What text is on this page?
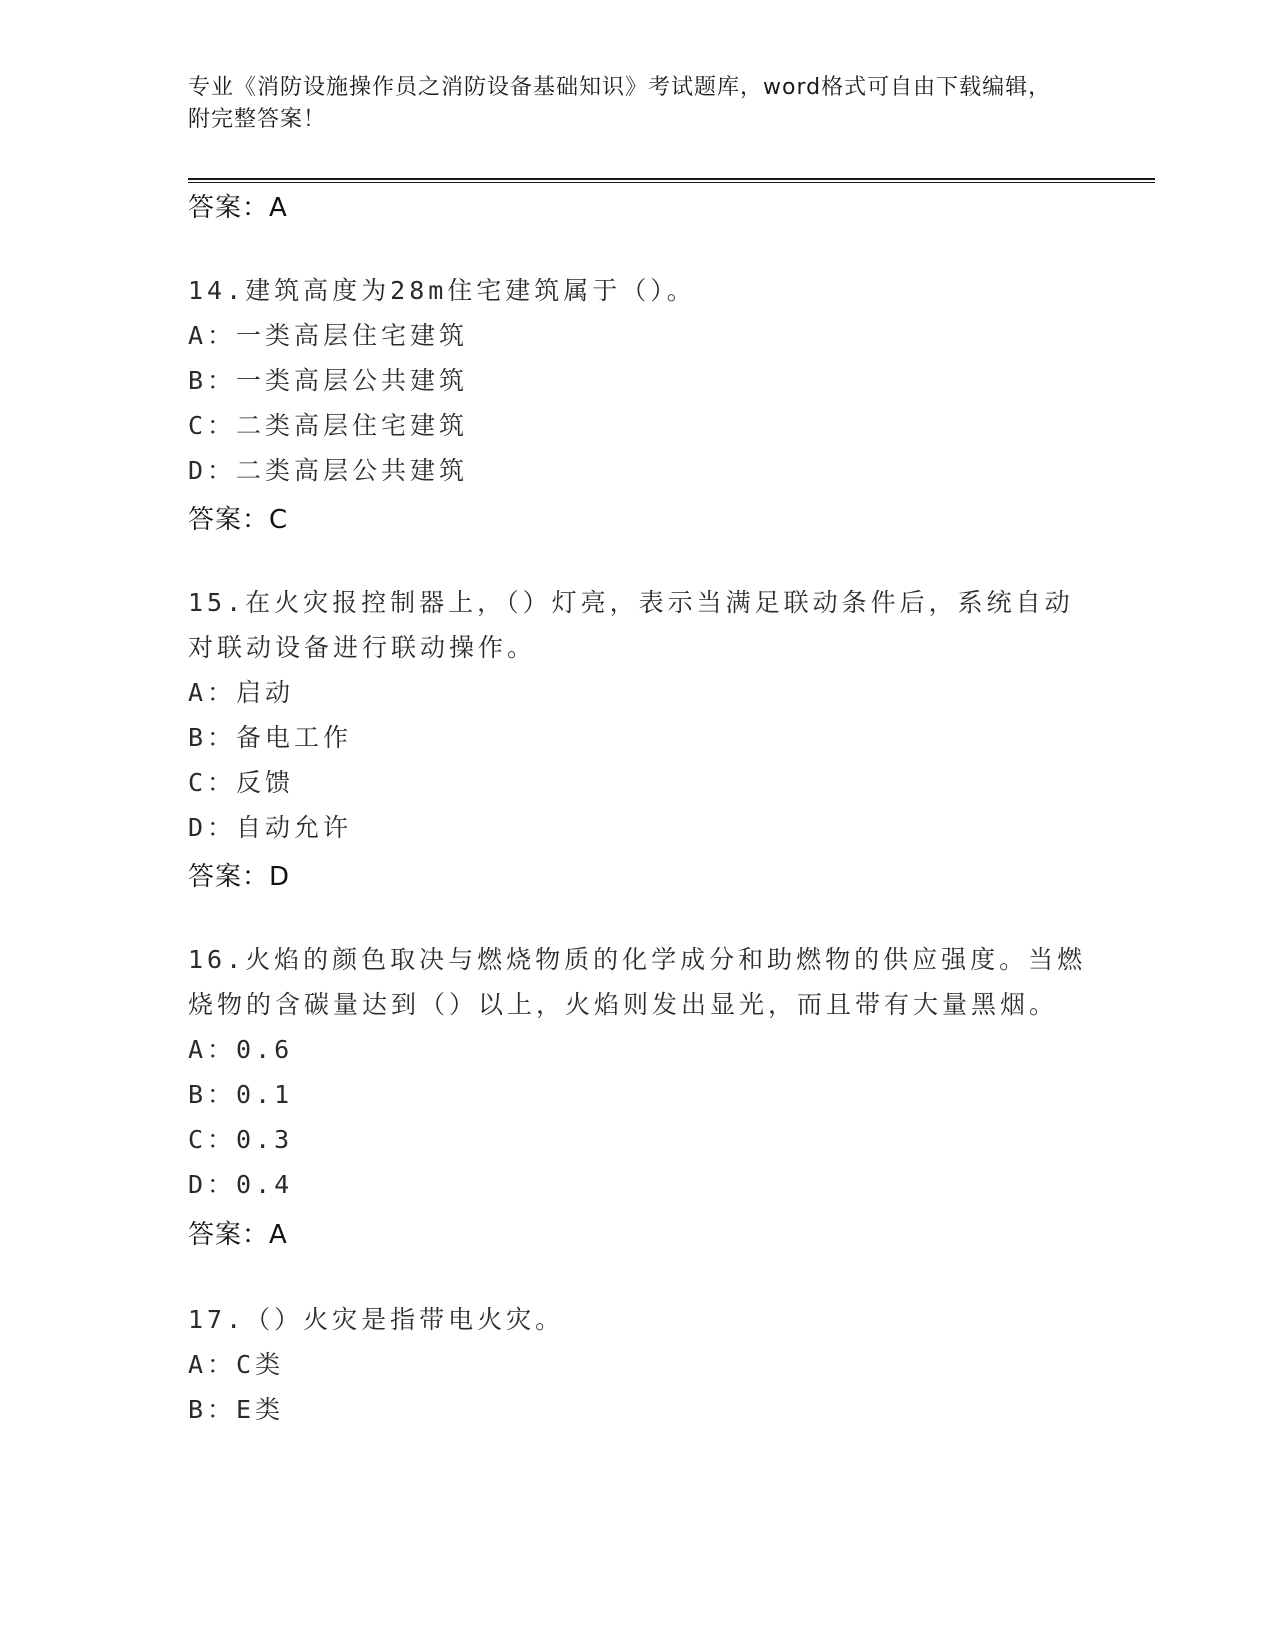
专业《消防设施操作员之消防设备基础知识》考试题库，word格式可自由下载编辑，附完整答案！
答案：A
14.建筑高度为28m住宅建筑属于（）。
A：一类高层住宅建筑
B：一类高层公共建筑
C：二类高层住宅建筑
D：二类高层公共建筑
答案：C
15.在火灾报控制器上，（）灯亮，表示当满足联动条件后，系统自动对联动设备进行联动操作。
A：启动
B：备电工作
C：反馈
D：自动允许
答案：D
16.火焰的颜色取决与燃烧物质的化学成分和助燃物的供应强度。当燃烧物的含碳量达到（）以上，火焰则发出显光，而且带有大量黑烟。
A：0.6
B：0.1
C：0.3
D：0.4
答案：A
17.（）火灾是指带电火灾。
A：C类
B：E类
